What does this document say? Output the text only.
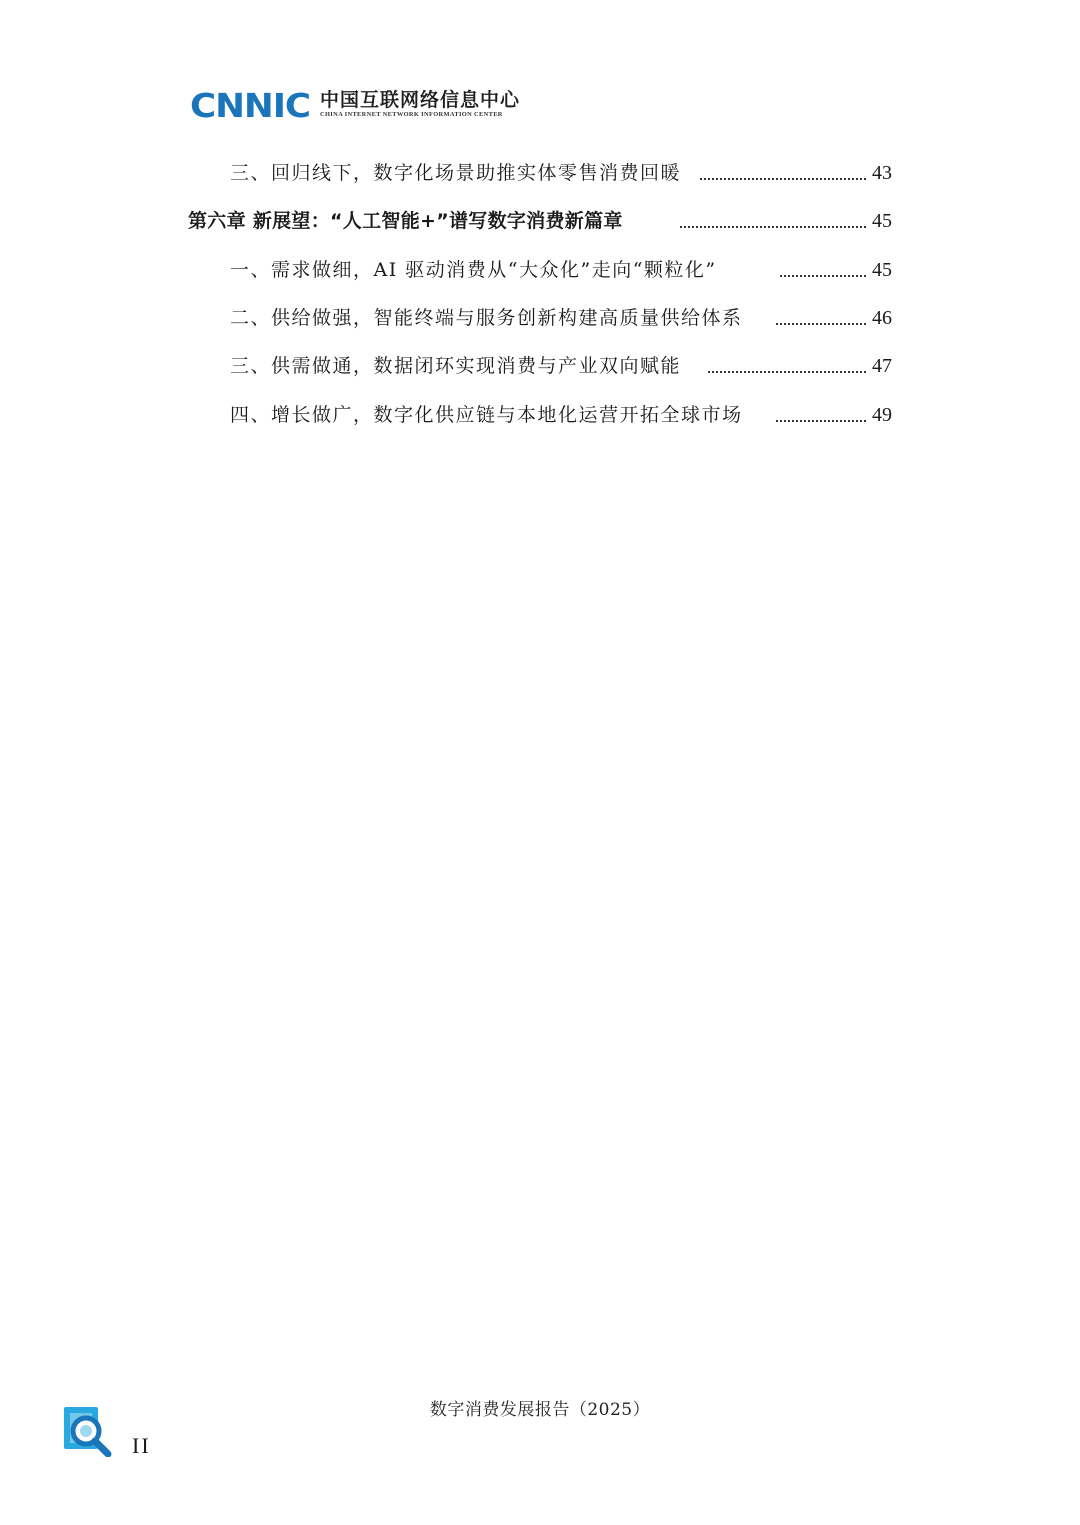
CNNIC 中国互联网络信息中心
CHINA INTERNET NETWORK INFORMATION CENTER
三、回归线下，数字化场景助推实体零售消费回暖	43
第六章 新展望：“人工智能+”谱写数字消费新篇章	45
一、需求做细，AI 驱动消费从“大众化”走向“颗粒化”	45
二、供给做强，智能终端与服务创新构建高质量供给体系	46
三、供需做通，数据闭环实现消费与产业双向赋能	47
四、增长做广，数字化供应链与本地化运营开拓全球市场	49
数字消费发展报告（2025）
II
